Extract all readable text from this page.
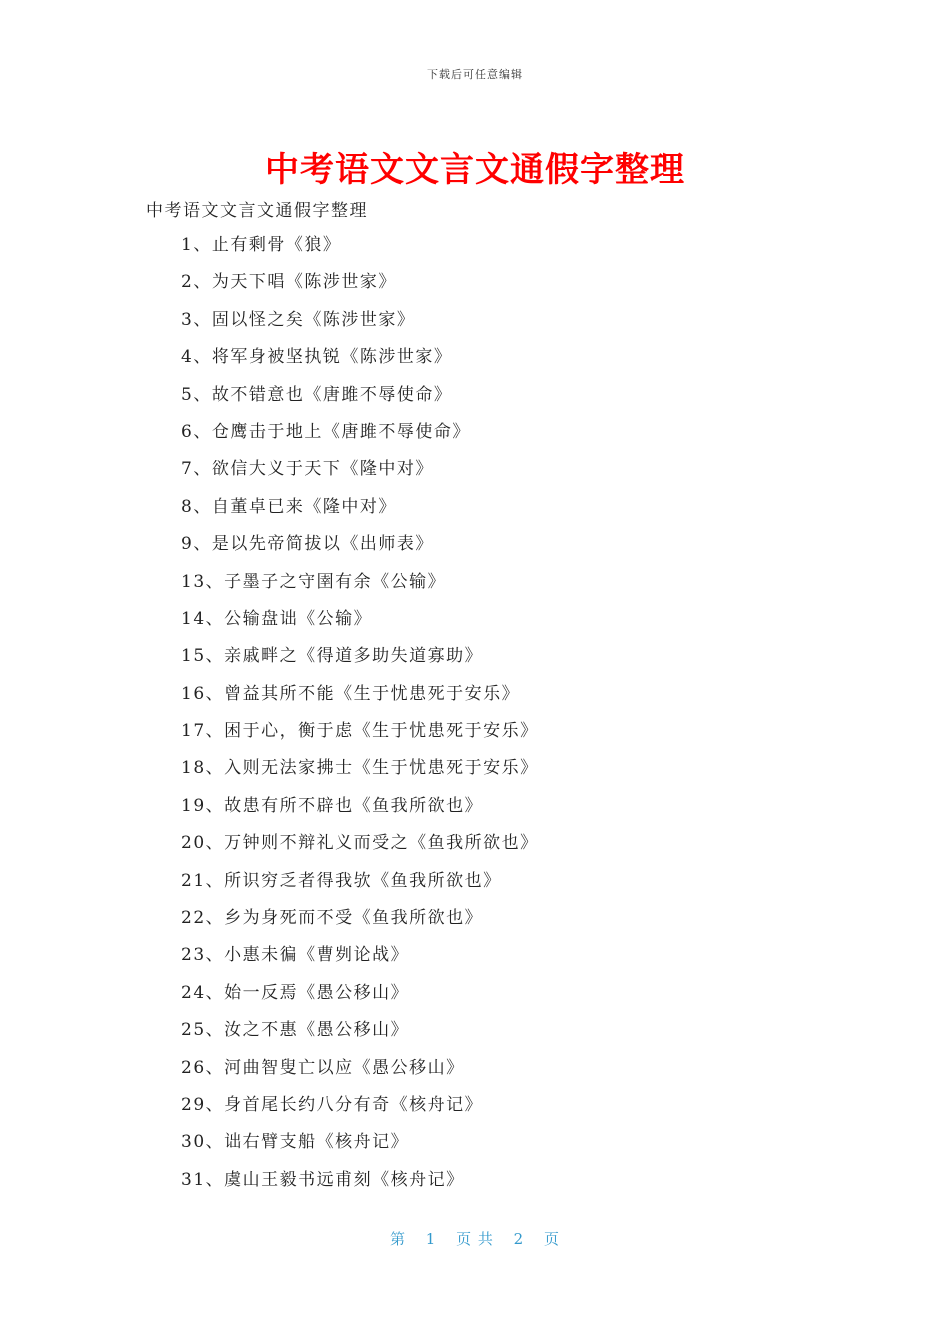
下载后可任意编辑
中考语文文言文通假字整理
中考语文文言文通假字整理
1、止有剩骨《狼》
2、为天下唱《陈涉世家》
3、固以怪之矣《陈涉世家》
4、将军身被坚执锐《陈涉世家》
5、故不错意也《唐雎不辱使命》
6、仓鹰击于地上《唐雎不辱使命》
7、欲信大义于天下《隆中对》
8、自董卓已来《隆中对》
9、是以先帝简拔以《出师表》
13、子墨子之守圉有余《公输》
14、公输盘诎《公输》
15、亲戚畔之《得道多助失道寡助》
16、曾益其所不能《生于忧患死于安乐》
17、困于心，衡于虑《生于忧患死于安乐》
18、入则无法家拂士《生于忧患死于安乐》
19、故患有所不辟也《鱼我所欲也》
20、万钟则不辩礼义而受之《鱼我所欲也》
21、所识穷乏者得我欤《鱼我所欲也》
22、乡为身死而不受《鱼我所欲也》
23、小惠未徧《曹刿论战》
24、始一反焉《愚公移山》
25、汝之不惠《愚公移山》
26、河曲智叟亡以应《愚公移山》
29、身首尾长约八分有奇《核舟记》
30、诎右臂支船《核舟记》
31、虞山王毅书远甫刻《核舟记》
第 1 页 共 2 页
